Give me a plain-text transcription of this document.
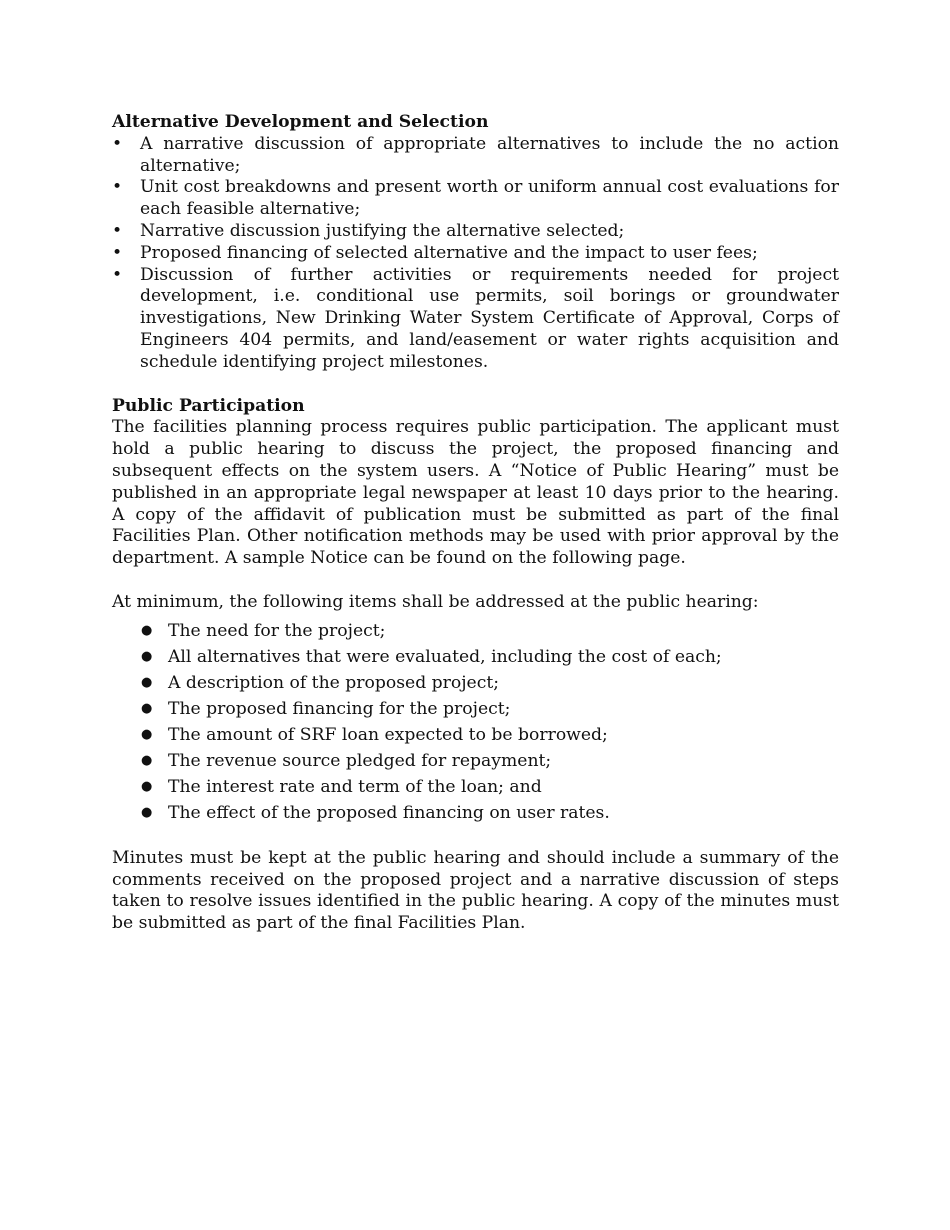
Alternative Development and Selection

• A narrative discussion of appropriate alternatives to include the no action alternative;
• Unit cost breakdowns and present worth or uniform annual cost evaluations for each feasible alternative;
• Narrative discussion justifying the alternative selected;
• Proposed financing of selected alternative and the impact to user fees;
• Discussion of further activities or requirements needed for project development, i.e. conditional use permits, soil borings or groundwater investigations, New Drinking Water System Certificate of Approval, Corps of Engineers 404 permits, and land/easement or water rights acquisition and schedule identifying project milestones.

Public Participation

The facilities planning process requires public participation. The applicant must hold a public hearing to discuss the project, the proposed financing and subsequent effects on the system users. A “Notice of Public Hearing” must be published in an appropriate legal newspaper at least 10 days prior to the hearing. A copy of the affidavit of publication must be submitted as part of the final Facilities Plan. Other notification methods may be used with prior approval by the department. A sample Notice can be found on the following page.

At minimum, the following items shall be addressed at the public hearing:

● The need for the project;
● All alternatives that were evaluated, including the cost of each;
● A description of the proposed project;
● The proposed financing for the project;
● The amount of SRF loan expected to be borrowed;
● The revenue source pledged for repayment;
● The interest rate and term of the loan; and
● The effect of the proposed financing on user rates.

Minutes must be kept at the public hearing and should include a summary of the comments received on the proposed project and a narrative discussion of steps taken to resolve issues identified in the public hearing. A copy of the minutes must be submitted as part of the final Facilities Plan.
